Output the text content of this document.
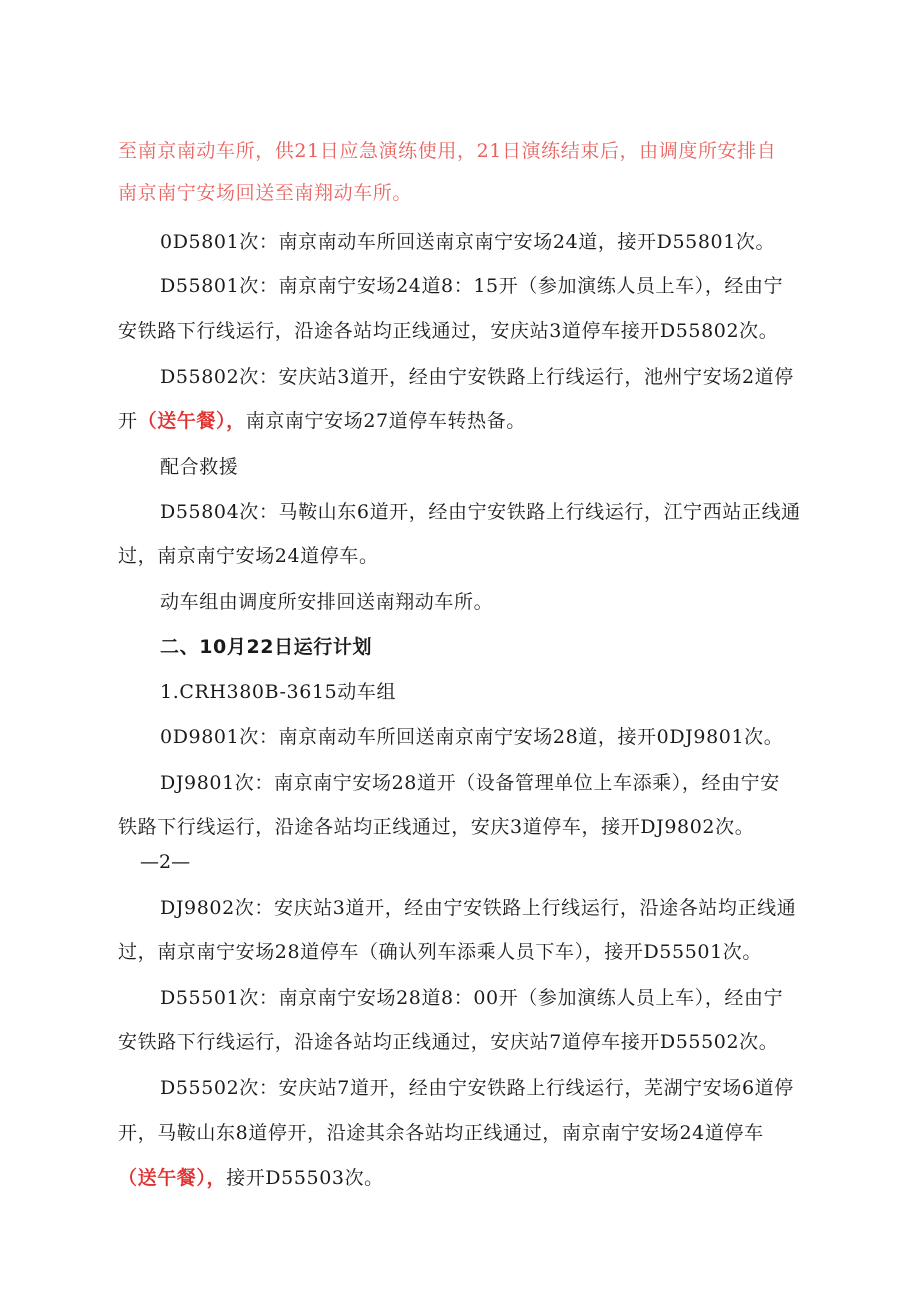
至南京南动车所，供21日应急演练使用，21日演练结束后，由调度所安排自
南京南宁安场回送至南翔动车所。
0D5801次：南京南动车所回送南京南宁安场24道，接开D55801次。
D55801次：南京南宁安场24道8：15开（参加演练人员上车），经由宁
安铁路下行线运行，沿途各站均正线通过，安庆站3道停车接开D55802次。
D55802次：安庆站3道开，经由宁安铁路上行线运行，池州宁安场2道停
开（送午餐），南京南宁安场27道停车转热备。
配合救援
D55804次：马鞍山东6道开，经由宁安铁路上行线运行，江宁西站正线通
过，南京南宁安场24道停车。
动车组由调度所安排回送南翔动车所。
二、10月22日运行计划
1.CRH380B-3615动车组
0D9801次：南京南动车所回送南京南宁安场28道，接开0DJ9801次。
DJ9801次：南京南宁安场28道开（设备管理单位上车添乘），经由宁安
铁路下行线运行，沿途各站均正线通过，安庆3道停车，接开DJ9802次。
—2—
DJ9802次：安庆站3道开，经由宁安铁路上行线运行，沿途各站均正线通
过，南京南宁安场28道停车（确认列车添乘人员下车），接开D55501次。
D55501次：南京南宁安场28道8：00开（参加演练人员上车），经由宁
安铁路下行线运行，沿途各站均正线通过，安庆站7道停车接开D55502次。
D55502次：安庆站7道开，经由宁安铁路上行线运行，芜湖宁安场6道停
开，马鞍山东8道停开，沿途其余各站均正线通过，南京南宁安场24道停车
（送午餐），接开D55503次。
